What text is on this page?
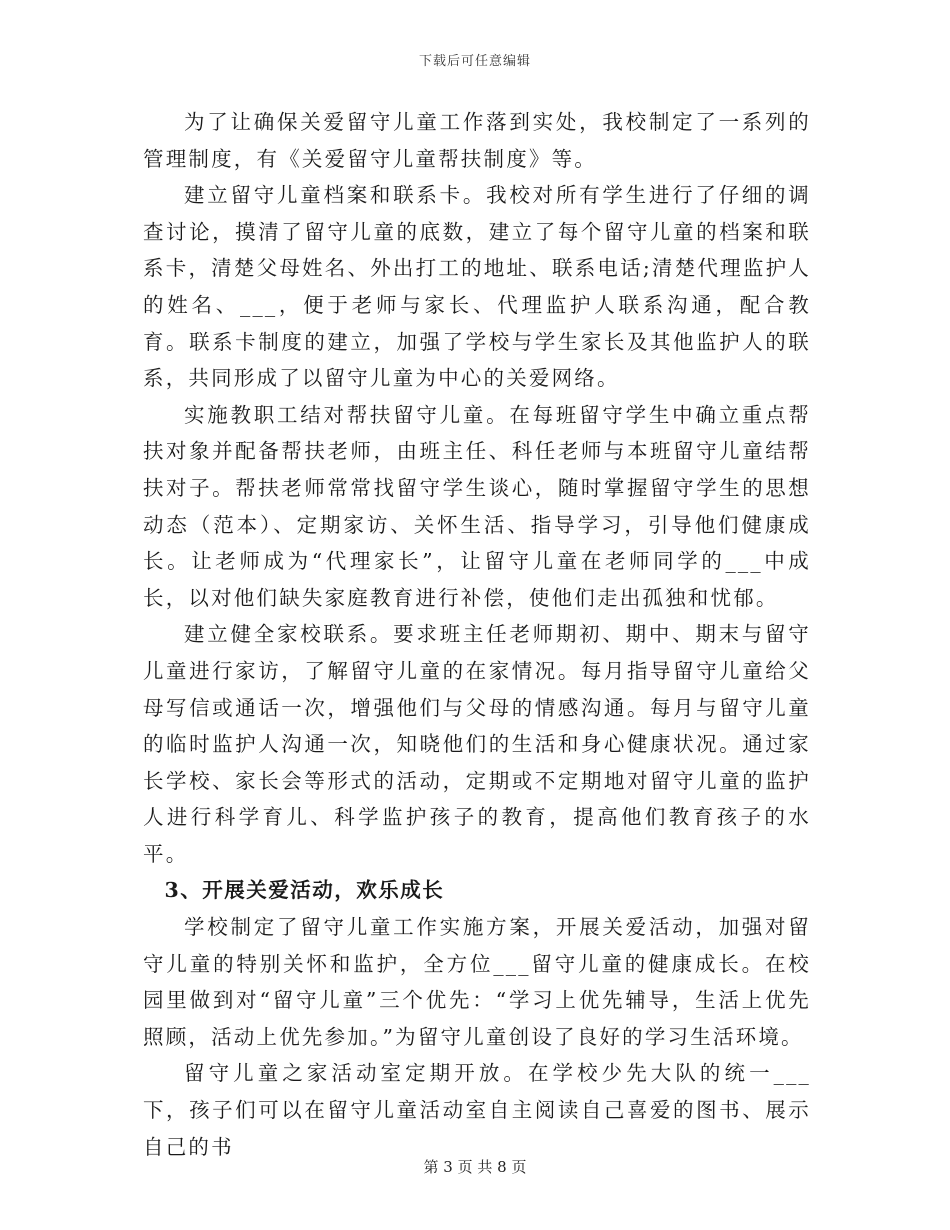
下载后可任意编辑

为了让确保关爱留守儿童工作落到实处，我校制定了一系列的管理制度，有《关爱留守儿童帮扶制度》等。

建立留守儿童档案和联系卡。我校对所有学生进行了仔细的调查讨论，摸清了留守儿童的底数，建立了每个留守儿童的档案和联系卡，清楚父母姓名、外出打工的地址、联系电话;清楚代理监护人的姓名、___，便于老师与家长、代理监护人联系沟通，配合教育。联系卡制度的建立，加强了学校与学生家长及其他监护人的联系，共同形成了以留守儿童为中心的关爱网络。

实施教职工结对帮扶留守儿童。在每班留守学生中确立重点帮扶对象并配备帮扶老师，由班主任、科任老师与本班留守儿童结帮扶对子。帮扶老师常常找留守学生谈心，随时掌握留守学生的思想动态（范本）、定期家访、关怀生活、指导学习，引导他们健康成长。让老师成为“代理家长”，让留守儿童在老师同学的___中成长，以对他们缺失家庭教育进行补偿，使他们走出孤独和忧郁。

建立健全家校联系。要求班主任老师期初、期中、期末与留守儿童进行家访，了解留守儿童的在家情况。每月指导留守儿童给父母写信或通话一次，增强他们与父母的情感沟通。每月与留守儿童的临时监护人沟通一次，知晓他们的生活和身心健康状况。通过家长学校、家长会等形式的活动，定期或不定期地对留守儿童的监护人进行科学育儿、科学监护孩子的教育，提高他们教育孩子的水平。

3、开展关爱活动，欢乐成长

学校制定了留守儿童工作实施方案，开展关爱活动，加强对留守儿童的特别关怀和监护，全方位___留守儿童的健康成长。在校园里做到对“留守儿童”三个优先：“学习上优先辅导，生活上优先照顾，活动上优先参加。”为留守儿童创设了良好的学习生活环境。

留守儿童之家活动室定期开放。在学校少先大队的统一___下，孩子们可以在留守儿童活动室自主阅读自己喜爱的图书、展示自己的书

第 3 页 共 8 页
